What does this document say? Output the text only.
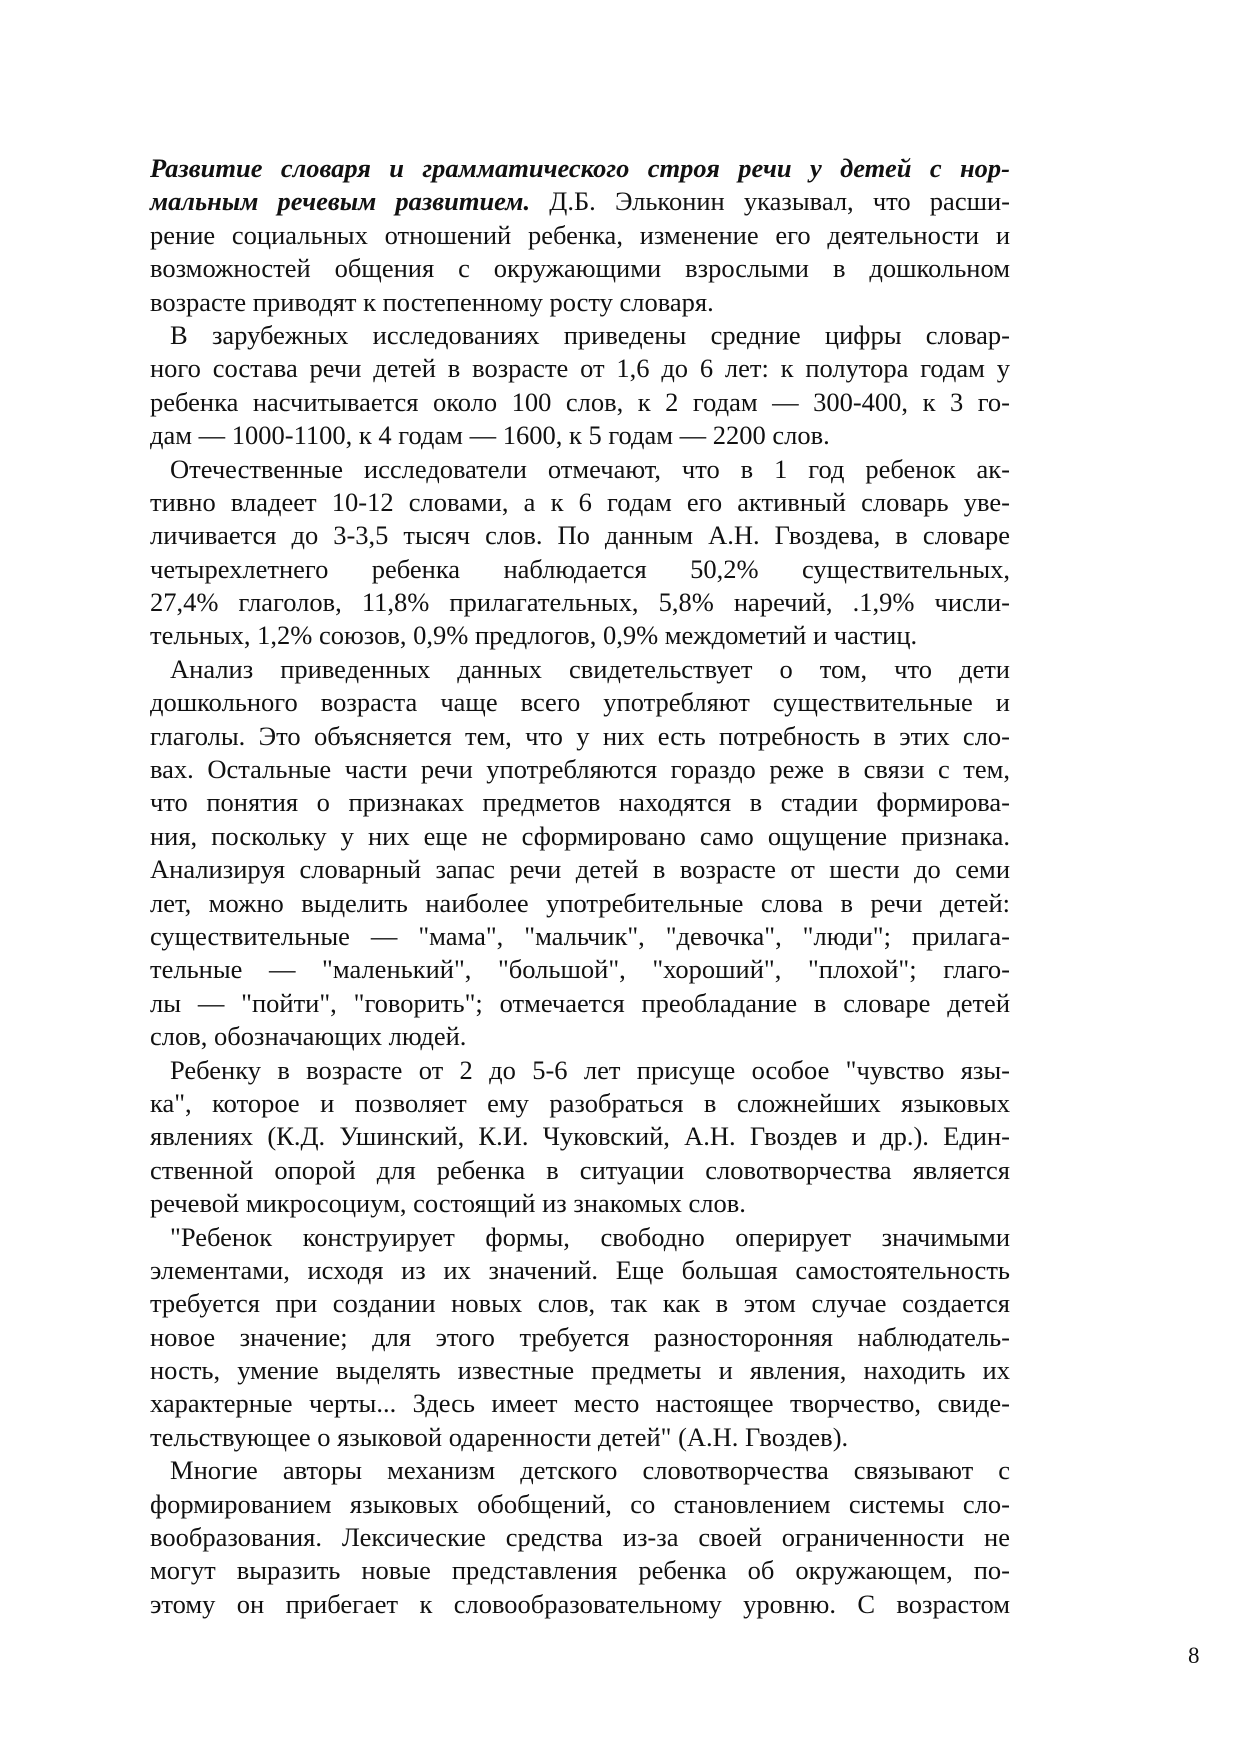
Развитие словаря и грамматического строя речи у детей с нор-
мальным речевым развитием. Д.Б. Эльконин указывал, что расши-
рение социальных отношений ребенка, изменение его деятельности и
возможностей общения с окружающими взрослыми в дошкольном
возрасте приводят к постепенному росту словаря.
В зарубежных исследованиях приведены средние цифры словар-
ного состава речи детей в возрасте от 1,6 до 6 лет: к полутора годам у
ребенка насчитывается около 100 слов, к 2 годам — 300-400, к 3 го-
дам — 1000-1100, к 4 годам — 1600, к 5 годам — 2200 слов.
Отечественные исследователи отмечают, что в 1 год ребенок ак-
тивно владеет 10-12 словами, а к 6 годам его активный словарь уве-
личивается до 3-3,5 тысяч слов. По данным А.Н. Гвоздева, в словаре
четырехлетнего ребенка наблюдается 50,2% существительных,
27,4% глаголов, 11,8% прилагательных, 5,8% наречий, .1,9% числи-
тельных, 1,2% союзов, 0,9% предлогов, 0,9% междометий и частиц.
Анализ приведенных данных свидетельствует о том, что дети
дошкольного возраста чаще всего употребляют существительные и
глаголы. Это объясняется тем, что у них есть потребность в этих сло-
вах. Остальные части речи употребляются гораздо реже в связи с тем,
что понятия о признаках предметов находятся в стадии формирова-
ния, поскольку у них еще не сформировано само ощущение признака.
Анализируя словарный запас речи детей в возрасте от шести до семи
лет, можно выделить наиболее употребительные слова в речи детей:
существительные — "мама", "мальчик", "девочка", "люди"; прилага-
тельные — "маленький", "большой", "хороший", "плохой"; глаго-
лы — "пойти", "говорить"; отмечается преобладание в словаре детей
слов, обозначающих людей.
Ребенку в возрасте от 2 до 5-6 лет присуще особое "чувство язы-
ка", которое и позволяет ему разобраться в сложнейших языковых
явлениях (К.Д. Ушинский, К.И. Чуковский, А.Н. Гвоздев и др.). Един-
ственной опорой для ребенка в ситуации словотворчества является
речевой микросоциум, состоящий из знакомых слов.
"Ребенок конструирует формы, свободно оперирует значимыми
элементами, исходя из их значений. Еще большая самостоятельность
требуется при создании новых слов, так как в этом случае создается
новое значение; для этого требуется разносторонняя наблюдатель-
ность, умение выделять известные предметы и явления, находить их
характерные черты... Здесь имеет место настоящее творчество, свиде-
тельствующее о языковой одаренности детей" (А.Н. Гвоздев).
Многие авторы механизм детского словотворчества связывают с
формированием языковых обобщений, со становлением системы сло-
вообразования. Лексические средства из-за своей ограниченности не
могут выразить новые представления ребенка об окружающем, по-
этому он прибегает к словообразовательному уровню. С возрастом
8
